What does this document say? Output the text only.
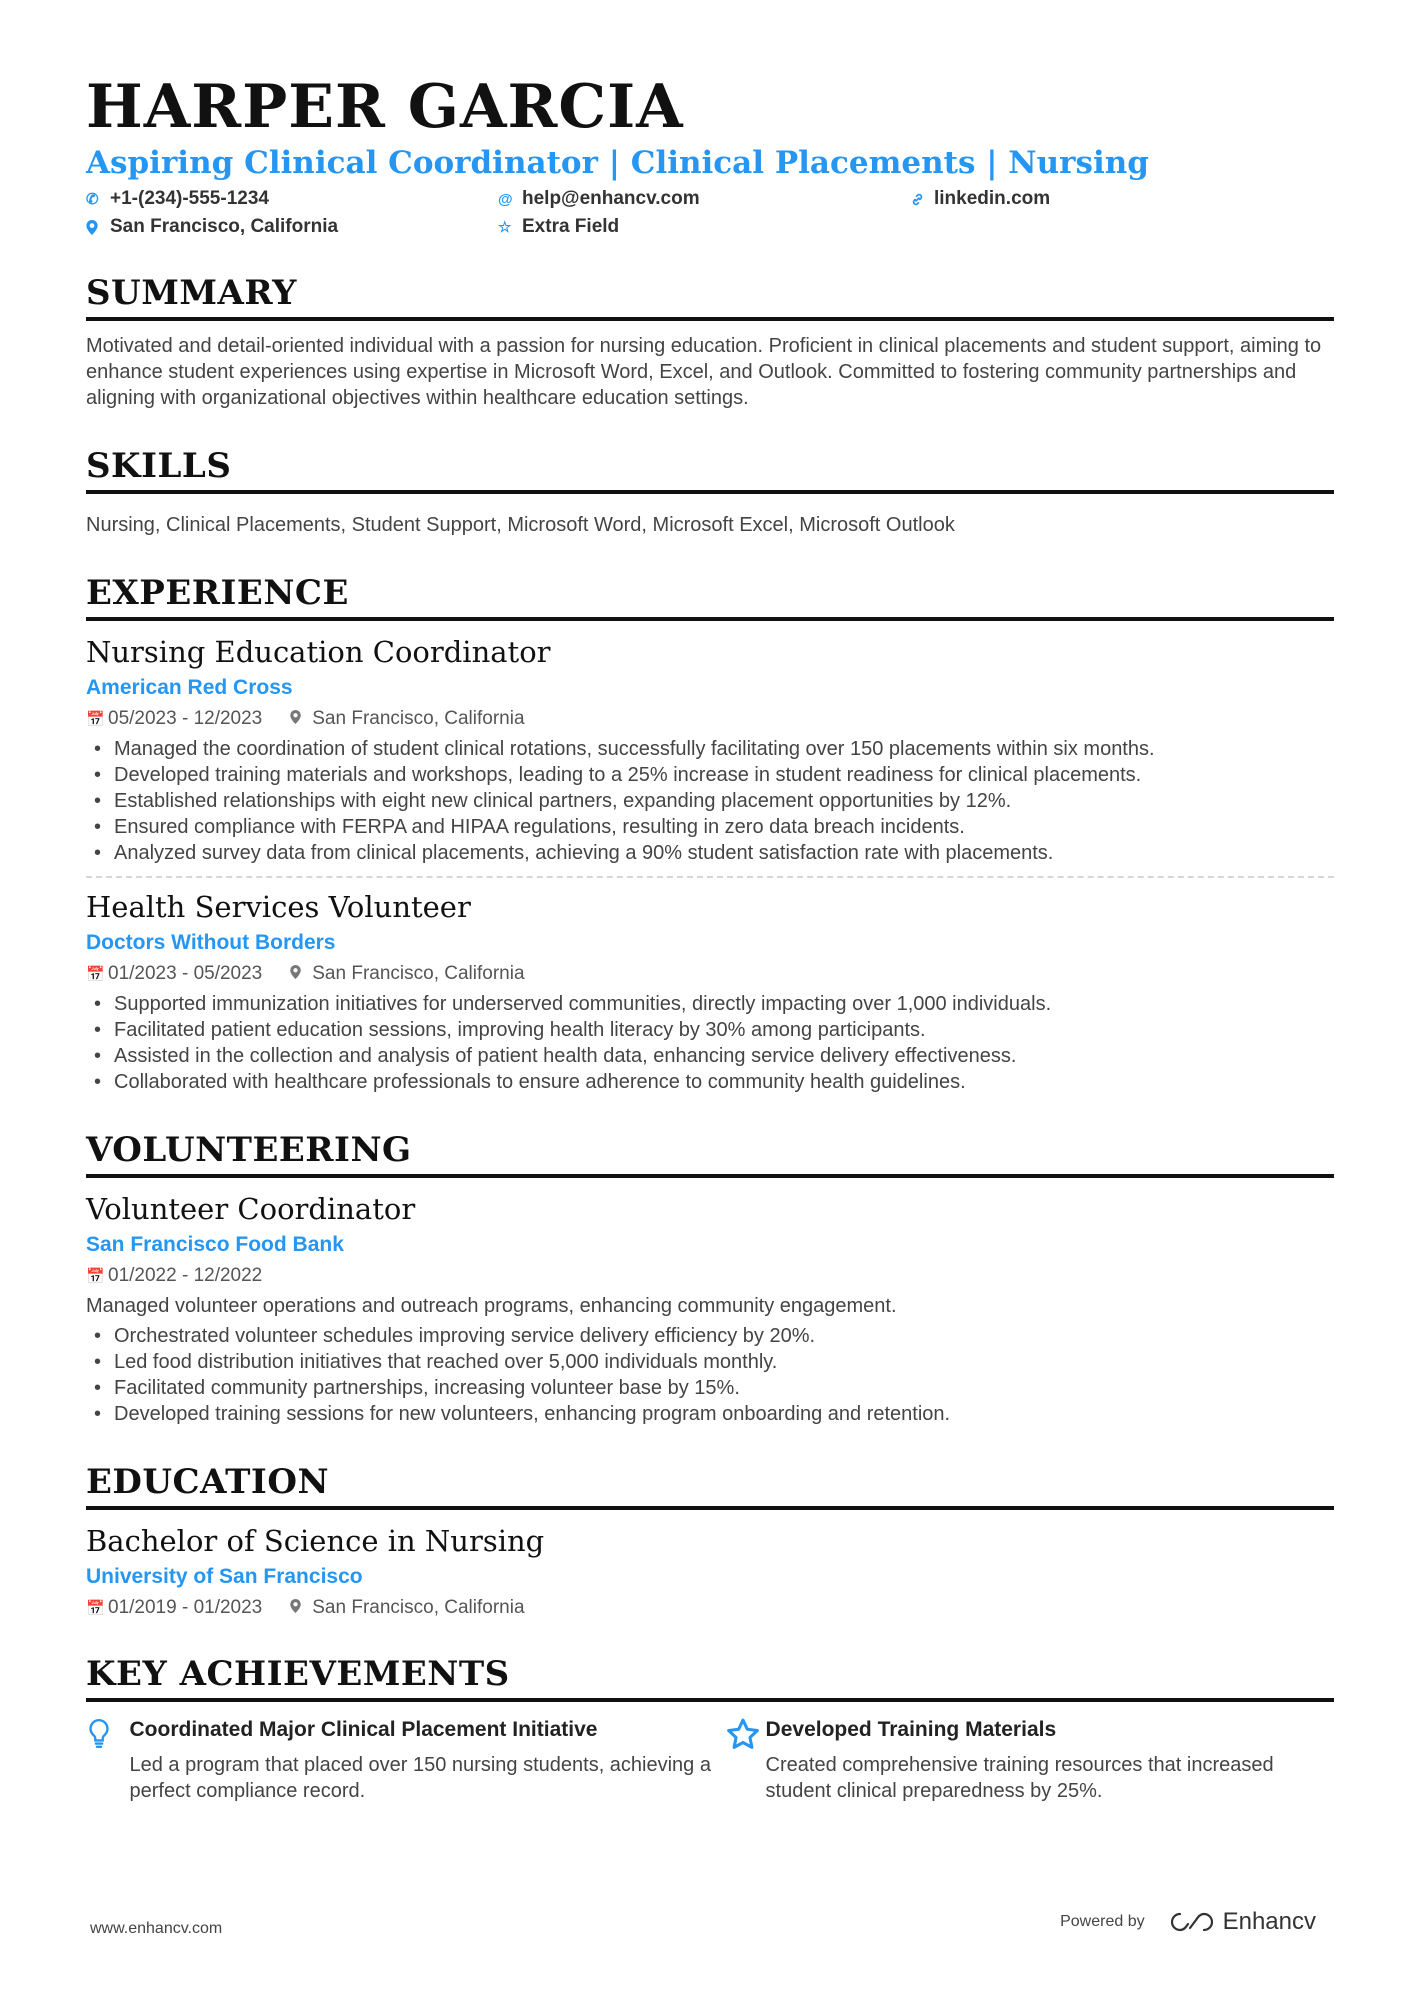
HARPER GARCIA
Aspiring Clinical Coordinator | Clinical Placements | Nursing
✆ +1-(234)-555-1234	@ help@enhancv.com	linkedin.com
San Francisco, California	☆ Extra Field
SUMMARY
Motivated and detail-oriented individual with a passion for nursing education. Proficient in clinical placements and student support, aiming to enhance student experiences using expertise in Microsoft Word, Excel, and Outlook. Committed to fostering community partnerships and aligning with organizational objectives within healthcare education settings.
SKILLS
Nursing, Clinical Placements, Student Support, Microsoft Word, Microsoft Excel, Microsoft Outlook
EXPERIENCE
Nursing Education Coordinator
American Red Cross
📅 05/2023 - 12/2023	San Francisco, California
• Managed the coordination of student clinical rotations, successfully facilitating over 150 placements within six months.
• Developed training materials and workshops, leading to a 25% increase in student readiness for clinical placements.
• Established relationships with eight new clinical partners, expanding placement opportunities by 12%.
• Ensured compliance with FERPA and HIPAA regulations, resulting in zero data breach incidents.
• Analyzed survey data from clinical placements, achieving a 90% student satisfaction rate with placements.
Health Services Volunteer
Doctors Without Borders
📅 01/2023 - 05/2023	San Francisco, California
• Supported immunization initiatives for underserved communities, directly impacting over 1,000 individuals.
• Facilitated patient education sessions, improving health literacy by 30% among participants.
• Assisted in the collection and analysis of patient health data, enhancing service delivery effectiveness.
• Collaborated with healthcare professionals to ensure adherence to community health guidelines.
VOLUNTEERING
Volunteer Coordinator
San Francisco Food Bank
📅 01/2022 - 12/2022
Managed volunteer operations and outreach programs, enhancing community engagement.
• Orchestrated volunteer schedules improving service delivery efficiency by 20%.
• Led food distribution initiatives that reached over 5,000 individuals monthly.
• Facilitated community partnerships, increasing volunteer base by 15%.
• Developed training sessions for new volunteers, enhancing program onboarding and retention.
EDUCATION
Bachelor of Science in Nursing
University of San Francisco
📅 01/2019 - 01/2023	San Francisco, California
KEY ACHIEVEMENTS
Coordinated Major Clinical Placement Initiative
Led a program that placed over 150 nursing students, achieving a perfect compliance record.
Developed Training Materials
Created comprehensive training resources that increased student clinical preparedness by 25%.
www.enhancv.com	Powered by	Enhancv
